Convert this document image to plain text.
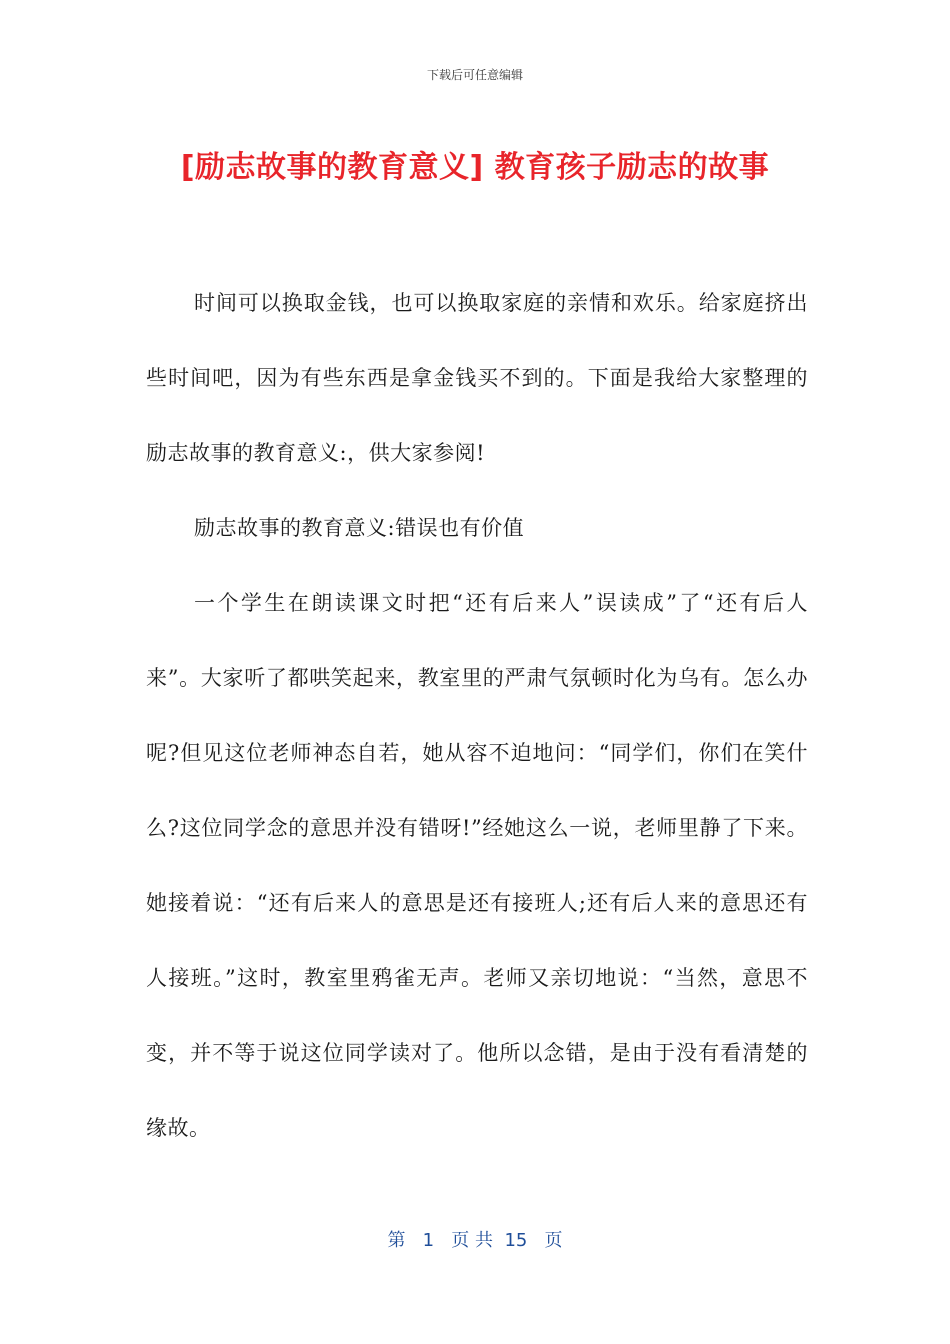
下载后可任意编辑
[励志故事的教育意义] 教育孩子励志的故事

时间可以换取金钱，也可以换取家庭的亲情和欢乐。给家庭挤出些时间吧，因为有些东西是拿金钱买不到的。下面是我给大家整理的励志故事的教育意义:，供大家参阅!

励志故事的教育意义:错误也有价值

一个学生在朗读课文时把“还有后来人”误读成”了“还有后人来”。大家听了都哄笑起来，教室里的严肃气氛顿时化为乌有。怎么办呢?但见这位老师神态自若，她从容不迫地问：“同学们，你们在笑什么?这位同学念的意思并没有错呀!”经她这么一说，老师里静了下来。她接着说：“还有后来人的意思是还有接班人;还有后人来的意思还有人接班。”这时，教室里鸦雀无声。老师又亲切地说：“当然，意思不变，并不等于说这位同学读对了。他所以念错，是由于没有看清楚的缘故。

第 1 页 共 15 页
